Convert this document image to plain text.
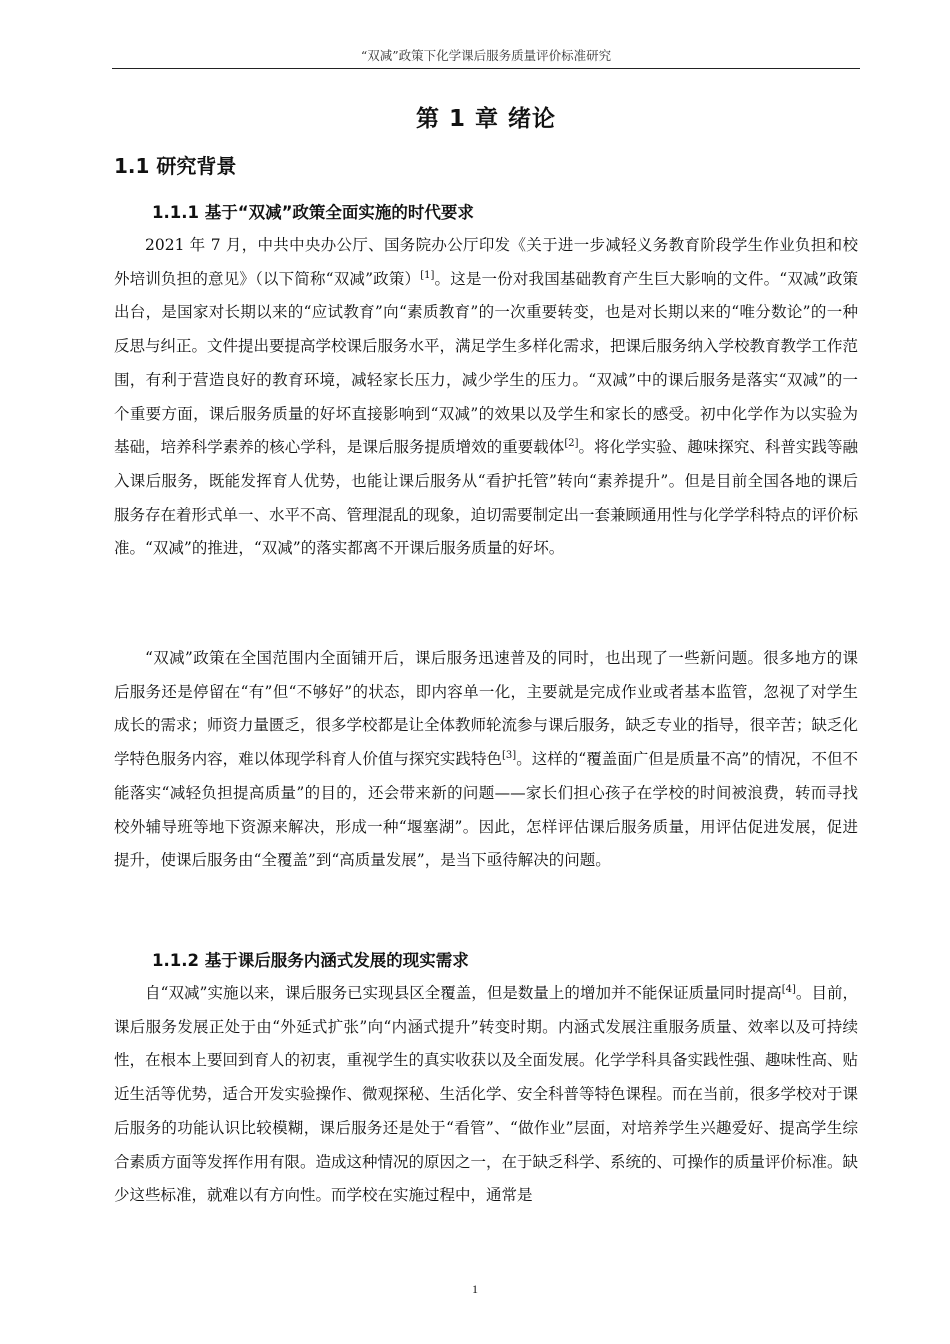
“双减”政策下化学课后服务质量评价标准研究
第 1 章 绪论
1.1 研究背景
1.1.1 基于“双减”政策全面实施的时代要求

2021 年 7 月，中共中央办公厅、国务院办公厅印发《关于进一步减轻义务教育阶段学生作业负担和校外培训负担的意见》（以下简称“双减”政策）[1]。这是一份对我国基础教育产生巨大影响的文件。“双减”政策出台，是国家对长期以来的“应试教育”向“素质教育”的一次重要转变，也是对长期以来的“唯分数论”的一种反思与纠正。文件提出要提高学校课后服务水平，满足学生多样化需求，把课后服务纳入学校教育教学工作范围，有利于营造良好的教育环境，减轻家长压力，减少学生的压力。“双减”中的课后服务是落实“双减”的一个重要方面，课后服务质量的好坏直接影响到“双减”的效果以及学生和家长的感受。初中化学作为以实验为基础，培养科学素养的核心学科，是课后服务提质增效的重要载体[2]。将化学实验、趣味探究、科普实践等融入课后服务，既能发挥育人优势，也能让课后服务从“看护托管”转向“素养提升”。但是目前全国各地的课后服务存在着形式单一、水平不高、管理混乱的现象，迫切需要制定出一套兼顾通用性与化学学科特点的评价标准。“双减”的推进，“双减”的落实都离不开课后服务质量的好坏。

“双减”政策在全国范围内全面铺开后，课后服务迅速普及的同时，也出现了一些新问题。很多地方的课后服务还是停留在“有”但“不够好”的状态，即内容单一化，主要就是完成作业或者基本监管，忽视了对学生成长的需求；师资力量匮乏，很多学校都是让全体教师轮流参与课后服务，缺乏专业的指导，很辛苦；缺乏化学特色服务内容，难以体现学科育人价值与探究实践特色[3]。这样的“覆盖面广但是质量不高”的情况，不但不能落实“减轻负担提高质量”的目的，还会带来新的问题——家长们担心孩子在学校的时间被浪费，转而寻找校外辅导班等地下资源来解决，形成一种“堰塞湖”。因此，怎样评估课后服务质量，用评估促进发展，促进提升，使课后服务由“全覆盖”到“高质量发展”，是当下亟待解决的问题。

1.1.2 基于课后服务内涵式发展的现实需求

自“双减”实施以来，课后服务已实现县区全覆盖，但是数量上的增加并不能保证质量同时提高[4]。目前，课后服务发展正处于由“外延式扩张”向“内涵式提升”转变时期。内涵式发展注重服务质量、效率以及可持续性，在根本上要回到育人的初衷，重视学生的真实收获以及全面发展。化学学科具备实践性强、趣味性高、贴近生活等优势，适合开发实验操作、微观探秘、生活化学、安全科普等特色课程。而在当前，很多学校对于课后服务的功能认识比较模糊，课后服务还是处于“看管”、“做作业”层面，对培养学生兴趣爱好、提高学生综合素质方面等发挥作用有限。造成这种情况的原因之一，在于缺乏科学、系统的、可操作的质量评价标准。缺少这些标准，就难以有方向性。而学校在实施过程中，通常是

1
